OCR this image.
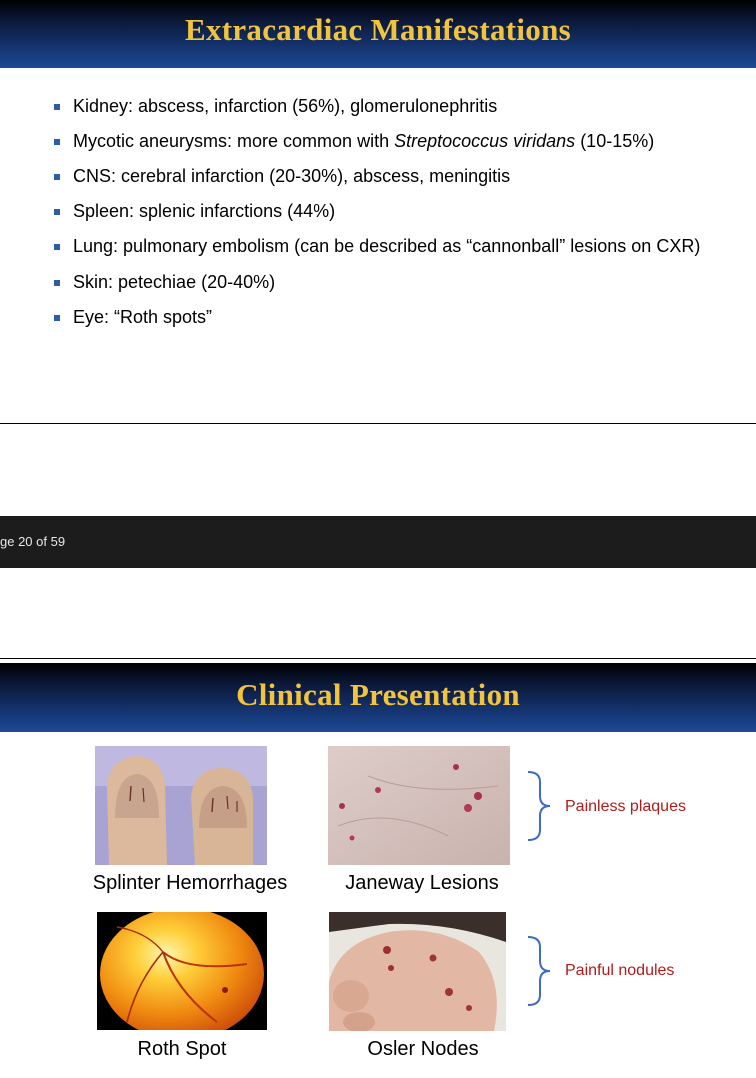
Extracardiac Manifestations
Kidney: abscess, infarction (56%), glomerulonephritis
Mycotic aneurysms: more common with Streptococcus viridans (10-15%)
CNS: cerebral infarction (20-30%), abscess, meningitis
Spleen: splenic infarctions (44%)
Lung: pulmonary embolism (can be described as “cannonball” lesions on CXR)
Skin: petechiae (20-40%)
Eye: “Roth spots”
ge 20 of 59
Clinical Presentation
Splinter Hemorrhages	Janeway Lesions
Roth Spot	Osler Nodes
Painless plaques
Painful nodules
